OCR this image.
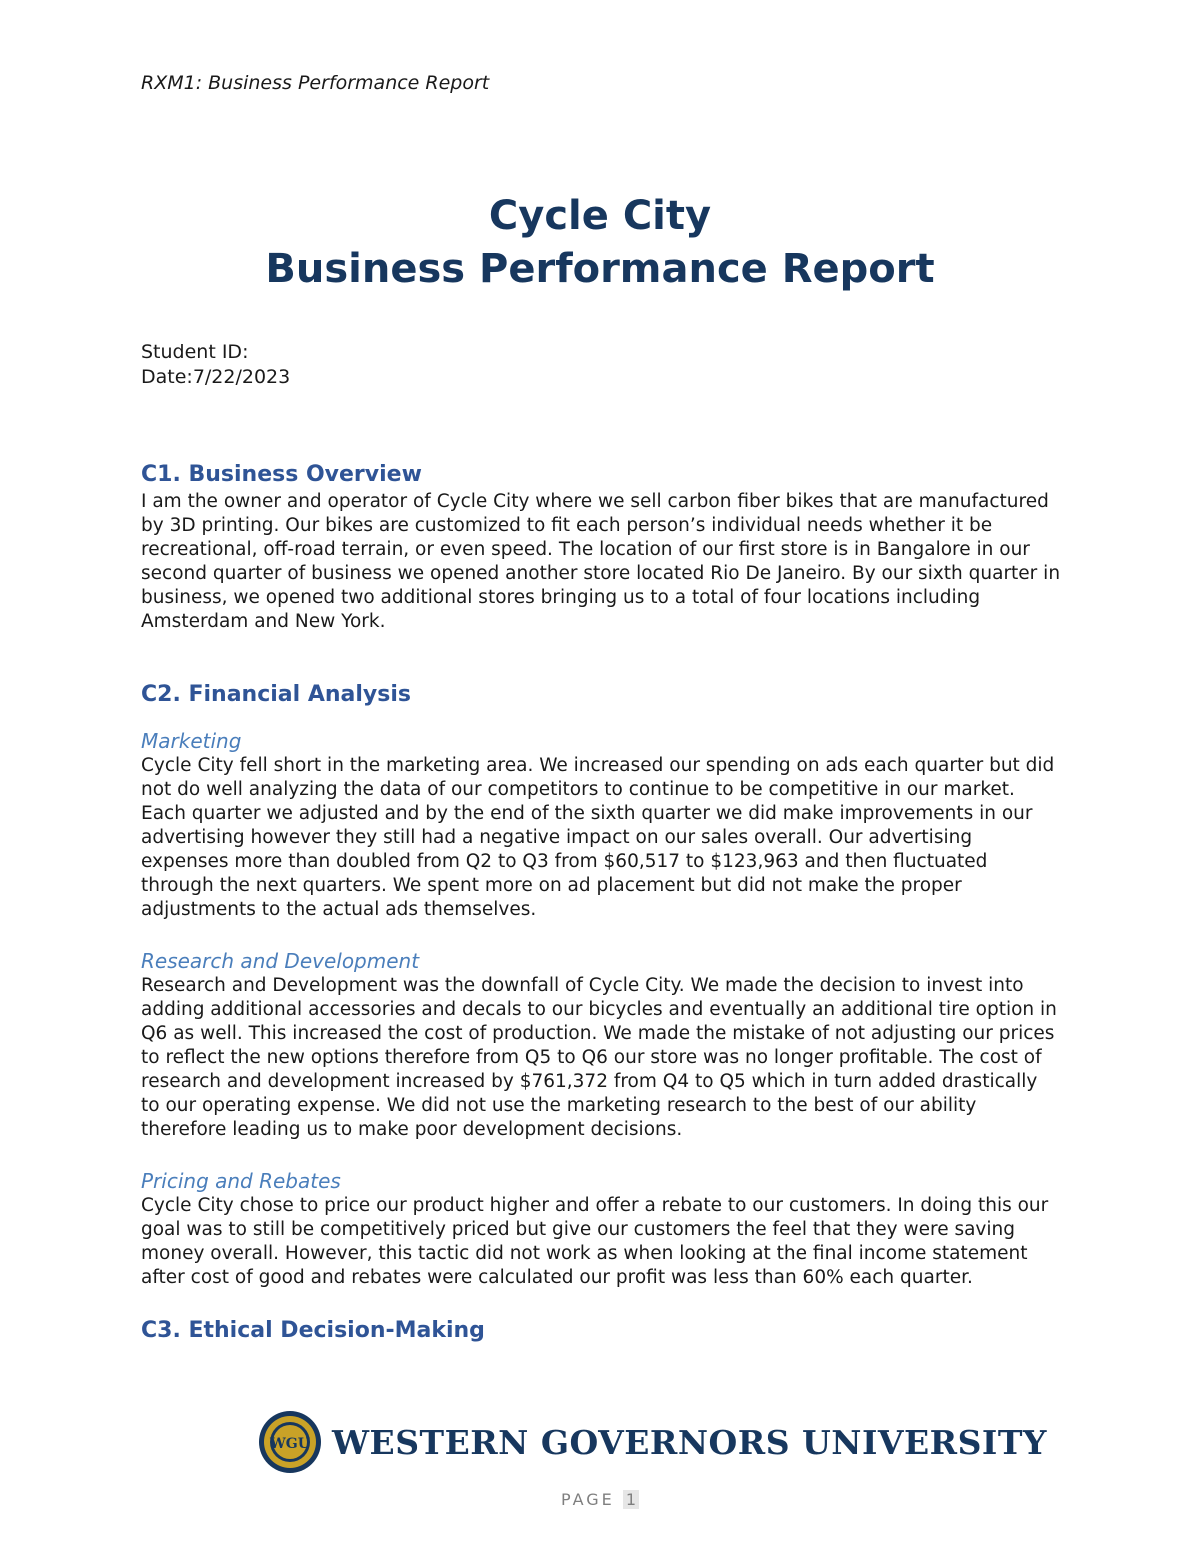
RXM1: Business Performance Report
Cycle City
Business Performance Report
Student ID:
Date:7/22/2023
C1. Business Overview

I am the owner and operator of Cycle City where we sell carbon fiber bikes that are manufactured by 3D printing. Our bikes are customized to fit each person’s individual needs whether it be recreational, off-road terrain, or even speed. The location of our first store is in Bangalore in our second quarter of business we opened another store located Rio De Janeiro. By our sixth quarter in business, we opened two additional stores bringing us to a total of four locations including Amsterdam and New York.

C2. Financial Analysis
Marketing

Cycle City fell short in the marketing area. We increased our spending on ads each quarter but did not do well analyzing the data of our competitors to continue to be competitive in our market. Each quarter we adjusted and by the end of the sixth quarter we did make improvements in our advertising however they still had a negative impact on our sales overall. Our advertising expenses more than doubled from Q2 to Q3 from $60,517 to $123,963 and then fluctuated through the next quarters. We spent more on ad placement but did not make the proper adjustments to the actual ads themselves.

Research and Development

Research and Development was the downfall of Cycle City. We made the decision to invest into adding additional accessories and decals to our bicycles and eventually an additional tire option in Q6 as well. This increased the cost of production. We made the mistake of not adjusting our prices to reflect the new options therefore from Q5 to Q6 our store was no longer profitable. The cost of research and development increased by $761,372 from Q4 to Q5 which in turn added drastically to our operating expense. We did not use the marketing research to the best of our ability therefore leading us to make poor development decisions.

Pricing and Rebates

Cycle City chose to price our product higher and offer a rebate to our customers. In doing this our goal was to still be competitively priced but give our customers the feel that they were saving money overall. However, this tactic did not work as when looking at the final income statement after cost of good and rebates were calculated our profit was less than 60% each quarter.

C3. Ethical Decision-Making
WGU WESTERN GOVERNORS UNIVERSITY
PAGE 1
